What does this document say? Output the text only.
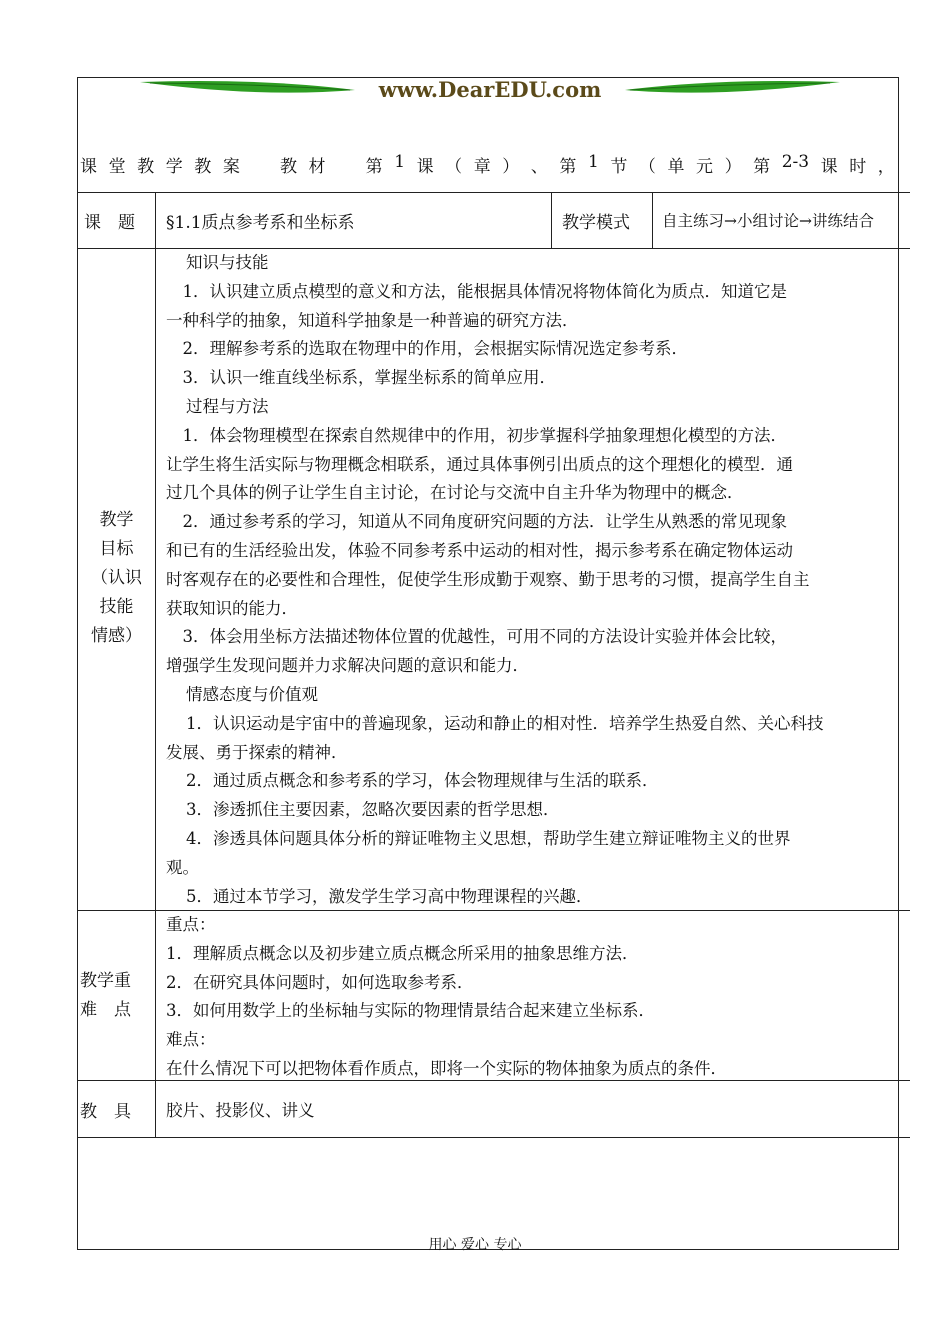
www.DearEDU.com
课 堂 教 学 教 案
　 教 材
　 第 1 课 （ 章 ） 、 第 1 节 （ 单 元 ） 第 2-3 课 时 ，
课　题 §1.1质点参考系和坐标系	教学模式 自主练习→小组讨论→讲练结合
教学
目标
（认识
技能
情感）
知识与技能
　1．认识建立质点模型的意义和方法，能根据具体情况将物体简化为质点．知道它是
一种科学的抽象，知道科学抽象是一种普遍的研究方法．
　2．理解参考系的选取在物理中的作用，会根据实际情况选定参考系．
　3．认识一维直线坐标系，掌握坐标系的简单应用．
过程与方法
　1．体会物理模型在探索自然规律中的作用，初步掌握科学抽象理想化模型的方法．
让学生将生活实际与物理概念相联系，通过具体事例引出质点的这个理想化的模型．通
过几个具体的例子让学生自主讨论，在讨论与交流中自主升华为物理中的概念．
　2．通过参考系的学习，知道从不同角度研究问题的方法．让学生从熟悉的常见现象
和已有的生活经验出发，体验不同参考系中运动的相对性，揭示参考系在确定物体运动
时客观存在的必要性和合理性，促使学生形成勤于观察、勤于思考的习惯，提高学生自主
获取知识的能力．
　3．体会用坐标方法描述物体位置的优越性，可用不同的方法设计实验并体会比较，
增强学生发现问题并力求解决问题的意识和能力．
情感态度与价值观
1．认识运动是宇宙中的普遍现象，运动和静止的相对性．培养学生热爱自然、关心科技
发展、勇于探索的精神．
2．通过质点概念和参考系的学习，体会物理规律与生活的联系．
3．渗透抓住主要因素，忽略次要因素的哲学思想．
4．渗透具体问题具体分析的辩证唯物主义思想，帮助学生建立辩证唯物主义的世界
观。
5．通过本节学习，激发学生学习高中物理课程的兴趣．
教学重
难　点
重点：
1．理解质点概念以及初步建立质点概念所采用的抽象思维方法．
2．在研究具体问题时，如何选取参考系．
3．如何用数学上的坐标轴与实际的物理情景结合起来建立坐标系．
难点：
在什么情况下可以把物体看作质点，即将一个实际的物体抽象为质点的条件．
教　具 胶片、投影仪、讲义
用心 爱心 专心
